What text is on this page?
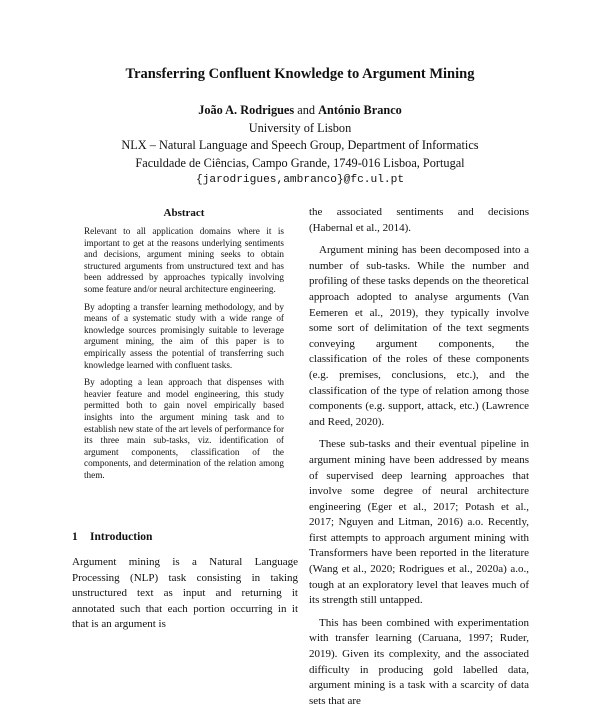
Transferring Confluent Knowledge to Argument Mining
João A. Rodrigues and António Branco
University of Lisbon
NLX – Natural Language and Speech Group, Department of Informatics
Faculdade de Ciências, Campo Grande, 1749-016 Lisboa, Portugal
{jarodrigues,ambranco}@fc.ul.pt
Abstract

Relevant to all application domains where it is important to get at the reasons underlying sentiments and decisions, argument mining seeks to obtain structured arguments from unstructured text and has been addressed by approaches typically involving some feature and/or neural architecture engineering.

By adopting a transfer learning methodology, and by means of a systematic study with a wide range of knowledge sources promisingly suitable to leverage argument mining, the aim of this paper is to empirically assess the potential of transferring such knowledge learned with confluent tasks.

By adopting a lean approach that dispenses with heavier feature and model engineering, this study permitted both to gain novel empirically based insights into the argument mining task and to establish new state of the art levels of performance for its three main sub-tasks, viz. identification of argument components, classification of the components, and determination of the relation among them.

1 Introduction

Argument mining is a Natural Language Processing (NLP) task consisting in taking unstructured text as input and returning it annotated such that each portion occurring in it that is an argument is

the associated sentiments and decisions (Habernal et al., 2014).

Argument mining has been decomposed into a number of sub-tasks. While the number and profiling of these tasks depends on the theoretical approach adopted to analyse arguments (Van Eemeren et al., 2019), they typically involve some sort of delimitation of the text segments conveying argument components, the classification of the roles of these components (e.g. premises, conclusions, etc.), and the classification of the type of relation among those components (e.g. support, attack, etc.) (Lawrence and Reed, 2020).

These sub-tasks and their eventual pipeline in argument mining have been addressed by means of supervised deep learning approaches that involve some degree of neural architecture engineering (Eger et al., 2017; Potash et al., 2017; Nguyen and Litman, 2016) a.o. Recently, first attempts to approach argument mining with Transformers have been reported in the literature (Wang et al., 2020; Rodrigues et al., 2020a) a.o., tough at an exploratory level that leaves much of its strength still untapped.

This has been combined with experimentation with transfer learning (Caruana, 1997; Ruder, 2019). Given its complexity, and the associated difficulty in producing gold labelled data, argument mining is a task with a scarcity of data sets that are
